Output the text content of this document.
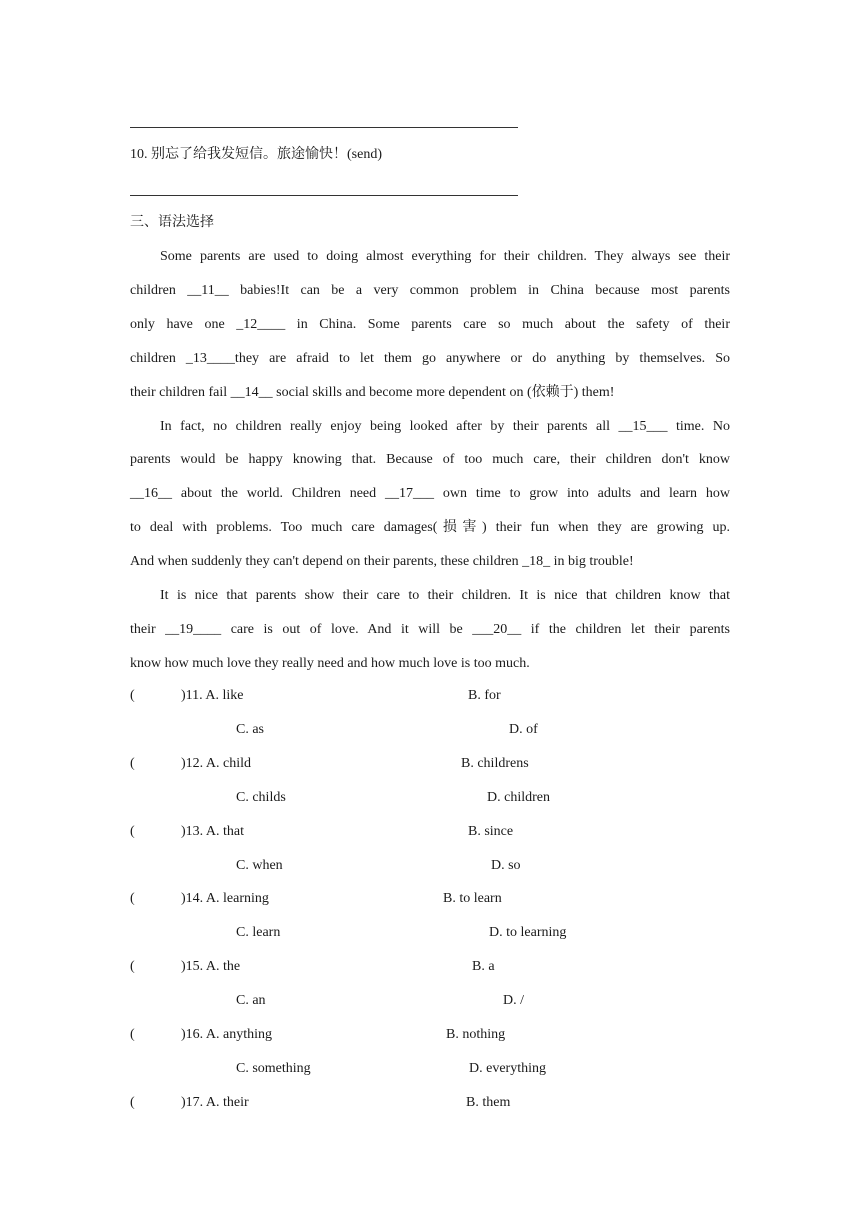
10. 别忘了给我发短信。旅途愉快！(send)
三、语法选择
Some parents are used to doing almost everything for their children. They always see their
children __11__ babies!It can be a very common problem in China because most parents
only have one _12____ in China. Some parents care so much about the safety of their
children _13____they are afraid to let them go anywhere or do anything by themselves. So
their children fail __14__ social skills and become more dependent on (依赖于) them!
In fact, no children really enjoy being looked after by their parents all __15___ time. No
parents would be happy knowing that. Because of too much care, their children don't know
__16__ about the world. Children need __17___ own time to grow into adults and learn how
to deal with problems. Too much care damages(损害) their fun when they are growing up.
And when suddenly they can't depend on their parents, these children _18_ in big trouble!
It is nice that parents show their care to their children. It is nice that children know that
their __19____ care is out of love. And it will be ___20__ if the children let their parents
know how much love they really need and how much love is too much.
(	)11. A. like	B. for
C. as	D. of
(	)12. A. child	B. childrens
C. childs	D. children
(	)13. A. that	B. since
C. when	D. so
(	)14. A. learning	B. to learn
C. learn	D. to learning
(	)15. A. the	B. a
C. an	D. /
(	)16. A. anything	B. nothing
C. something	D. everything
(	)17. A. their	B. them
